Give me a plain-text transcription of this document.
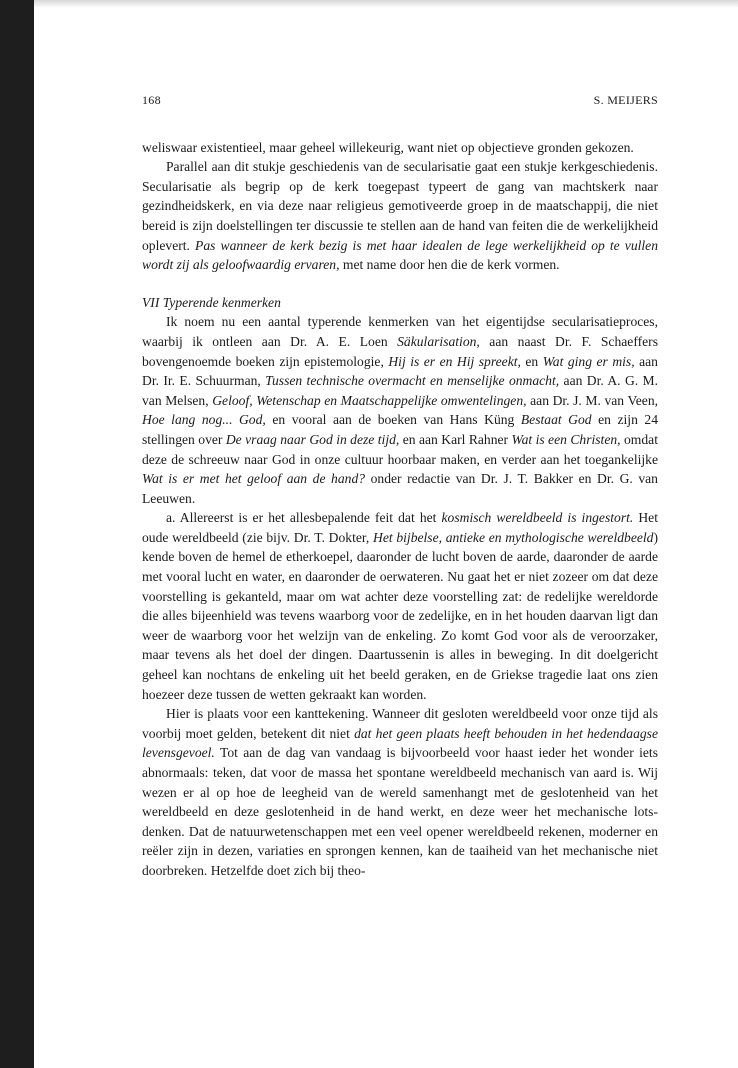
168	S. MEIJERS

weliswaar existentieel, maar geheel willekeurig, want niet op objectieve gronden gekozen.

Parallel aan dit stukje geschiedenis van de secularisatie gaat een stukje kerkgeschiedenis. Secularisatie als begrip op de kerk toegepast typeert de gang van machtskerk naar gezindheidskerk, en via deze naar religieus gemotiveerde groep in de maatschappij, die niet bereid is zijn doelstellingen ter discussie te stellen aan de hand van feiten die de werkelijkheid oplevert. Pas wanneer de kerk bezig is met haar idealen de lege werkelijkheid op te vullen wordt zij als geloofwaardig ervaren, met name door hen die de kerk vormen.

VII Typerende kenmerken

Ik noem nu een aantal typerende kenmerken van het eigentijdse secularisatieproces, waarbij ik ontleen aan Dr. A. E. Loen Säkularisation, aan naast Dr. F. Schaeffers bovengenoemde boeken zijn epistemologie, Hij is er en Hij spreekt, en Wat ging er mis, aan Dr. Ir. E. Schuurman, Tussen technische overmacht en menselijke onmacht, aan Dr. A. G. M. van Melsen, Geloof, Wetenschap en Maatschappelijke omwentelingen, aan Dr. J. M. van Veen, Hoe lang nog... God, en vooral aan de boeken van Hans Küng Bestaat God en zijn 24 stellingen over De vraag naar God in deze tijd, en aan Karl Rahner Wat is een Christen, omdat deze de schreeuw naar God in onze cultuur hoorbaar maken, en verder aan het toegankelijke Wat is er met het geloof aan de hand? onder redactie van Dr. J. T. Bakker en Dr. G. van Leeuwen.

a. Allereerst is er het allesbepalende feit dat het kosmisch wereldbeeld is ingestort. Het oude wereldbeeld (zie bijv. Dr. T. Dokter, Het bijbelse, antieke en mythologische wereldbeeld) kende boven de hemel de etherkoepel, daaronder de lucht boven de aarde, daaronder de aarde met vooral lucht en water, en daaronder de oerwateren. Nu gaat het er niet zozeer om dat deze voorstelling is gekanteld, maar om wat achter deze voorstelling zat: de redelijke wereldorde die alles bijeenhield was tevens waarborg voor de zedelijke, en in het houden daarvan ligt dan weer de waarborg voor het welzijn van de enkeling. Zo komt God voor als de veroorzaker, maar tevens als het doel der dingen. Daartussenin is alles in beweging. In dit doelgericht geheel kan nochtans de enkeling uit het beeld geraken, en de Griekse tragedie laat ons zien hoezeer deze tussen de wetten gekraakt kan worden.

Hier is plaats voor een kanttekening. Wanneer dit gesloten wereldbeeld voor onze tijd als voorbij moet gelden, betekent dit niet dat het geen plaats heeft behouden in het hedendaagse levensgevoel. Tot aan de dag van vandaag is bijvoorbeeld voor haast ieder het wonder iets abnormaals: teken, dat voor de massa het spontane wereldbeeld mechanisch van aard is. Wij wezen er al op hoe de leegheid van de wereld samenhangt met de geslotenheid van het wereldbeeld en deze geslotenheid in de hand werkt, en deze weer het mechanische lots-denken. Dat de natuurwetenschappen met een veel opener wereldbeeld rekenen, moderner en reëler zijn in dezen, variaties en sprongen kennen, kan de taaiheid van het mechanische niet doorbreken. Hetzelfde doet zich bij theo-
